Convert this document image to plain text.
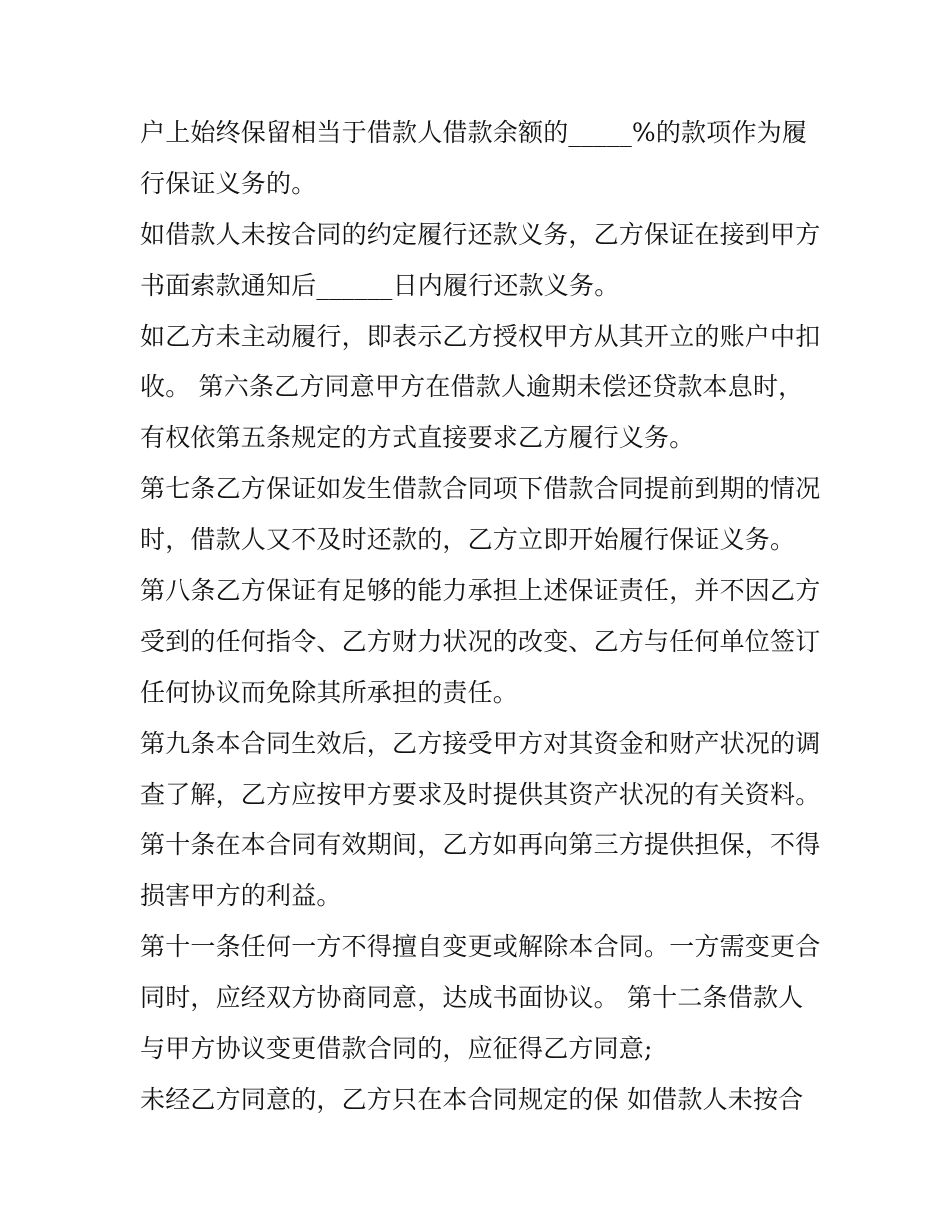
户上始终保留相当于借款人借款余额的_____%的款项作为履
行保证义务的。
如借款人未按合同的约定履行还款义务，乙方保证在接到甲方
书面索款通知后______日内履行还款义务。
如乙方未主动履行，即表示乙方授权甲方从其开立的账户中扣
收。 第六条乙方同意甲方在借款人逾期未偿还贷款本息时，
有权依第五条规定的方式直接要求乙方履行义务。
第七条乙方保证如发生借款合同项下借款合同提前到期的情况
时，借款人又不及时还款的，乙方立即开始履行保证义务。
第八条乙方保证有足够的能力承担上述保证责任，并不因乙方
受到的任何指令、乙方财力状况的改变、乙方与任何单位签订
任何协议而免除其所承担的责任。
第九条本合同生效后，乙方接受甲方对其资金和财产状况的调
查了解，乙方应按甲方要求及时提供其资产状况的有关资料。
第十条在本合同有效期间，乙方如再向第三方提供担保，不得
损害甲方的利益。
第十一条任何一方不得擅自变更或解除本合同。一方需变更合
同时，应经双方协商同意，达成书面协议。 第十二条借款人
与甲方协议变更借款合同的，应征得乙方同意;
未经乙方同意的，乙方只在本合同规定的保 如借款人未按合
